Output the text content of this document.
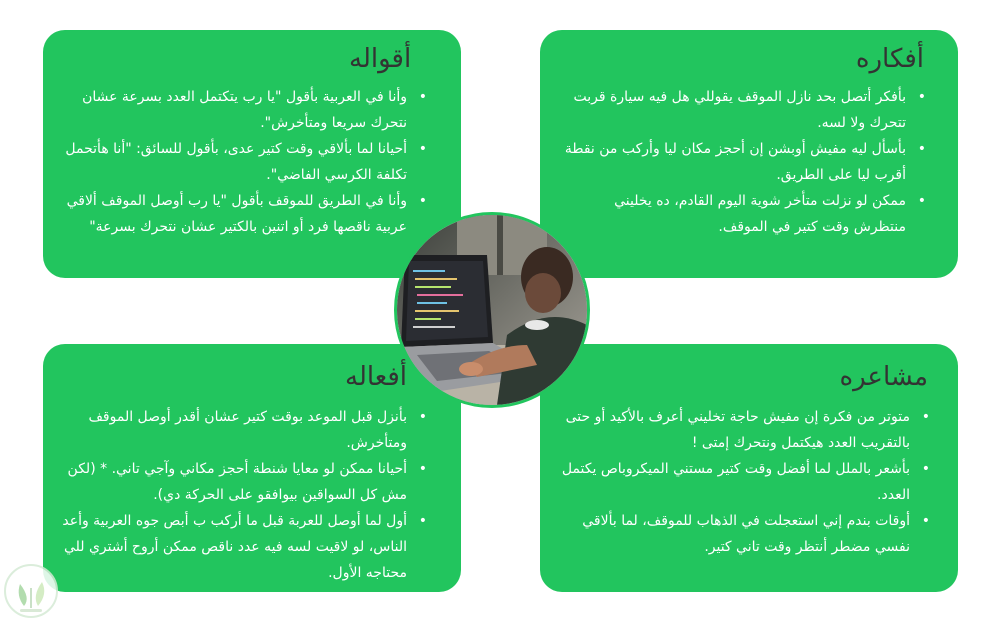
أفكاره
• بأفكر أتصل بحد نازل الموقف يقوللي هل فيه سيارة قربت تتحرك ولا لسه.
• بأسأل ليه مفيش أوبشن إن أحجز مكان ليا وأركب من نقطة أقرب ليا على الطريق.
• ممكن لو نزلت متأخر شوية اليوم القادم، ده يخليني منتظرش وقت كتير في الموقف.
أقواله
• وأنا في العربية بأقول "يا رب يتكتمل العدد بسرعة عشان نتحرك سريعا ومتأخرش".
• أحيانا لما بألاقي وقت كتير عدى، بأقول للسائق: "أنا هأتحمل تكلفة الكرسي الفاضي".
• وأنا في الطريق للموقف بأقول "يا رب أوصل الموقف ألاقي عربية ناقصها فرد أو اتنين بالكتير عشان نتحرك بسرعة"
مشاعره
• متوتر من فكرة إن مفيش حاجة تخليني أعرف بالأكيد أو حتى بالتقريب العدد هيكتمل ونتحرك إمتى !
• بأشعر بالملل لما أفضل وقت كتير مستني الميكروباص يكتمل العدد.
• أوقات بندم إني استعجلت في الذهاب للموقف، لما بألاقي نفسي مضطر أنتظر وقت تاني كتير.
أفعاله
• بأنزل قبل الموعد بوقت كتير عشان أقدر أوصل الموقف ومتأخرش.
• أحيانا ممكن لو معايا شنطة أحجز مكاني وآجي تاني. * (لكن مش كل السواقين بيوافقو على الحركة دي).
• أول لما أوصل للعربة قبل ما أركب ب أبص جوه العربية وأعد الناس، لو لاقيت لسه فيه عدد ناقص ممكن أروح أشتري للي محتاجه الأول.
